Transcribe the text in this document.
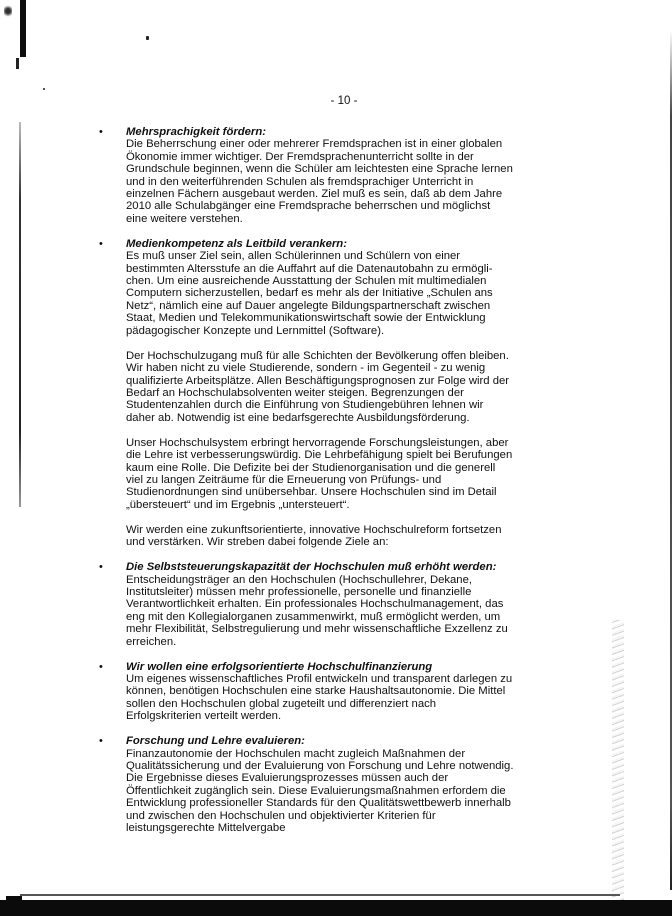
- 10 -
• Mehrsprachigkeit fördern:
Die Beherrschung einer oder mehrerer Fremdsprachen ist in einer globalen
Ökonomie immer wichtiger. Der Fremdsprachenunterricht sollte in der
Grundschule beginnen, wenn die Schüler am leichtesten eine Sprache lernen
und in den weiterführenden Schulen als fremdsprachiger Unterricht in
einzelnen Fächern ausgebaut werden. Ziel muß es sein, daß ab dem Jahre
2010 alle Schulabgänger eine Fremdsprache beherrschen und möglichst
eine weitere verstehen.
• Medienkompetenz als Leitbild verankern:
Es muß unser Ziel sein, allen Schülerinnen und Schülern von einer
bestimmten Altersstufe an die Auffahrt auf die Datenautobahn zu ermögli-
chen. Um eine ausreichende Ausstattung der Schulen mit multimedialen
Computern sicherzustellen, bedarf es mehr als der Initiative „Schulen ans
Netz“, nämlich eine auf Dauer angelegte Bildungspartnerschaft zwischen
Staat, Medien und Telekommunikationswirtschaft sowie der Entwicklung
pädagogischer Konzepte und Lernmittel (Software).
Der Hochschulzugang muß für alle Schichten der Bevölkerung offen bleiben.
Wir haben nicht zu viele Studierende, sondern - im Gegenteil - zu wenig
qualifizierte Arbeitsplätze. Allen Beschäftigungsprognosen zur Folge wird der
Bedarf an Hochschulabsolventen weiter steigen. Begrenzungen der
Studentenzahlen durch die Einführung von Studiengebühren lehnen wir
daher ab. Notwendig ist eine bedarfsgerechte Ausbildungsförderung.
Unser Hochschulsystem erbringt hervorragende Forschungsleistungen, aber
die Lehre ist verbesserungswürdig. Die Lehrbefähigung spielt bei Berufungen
kaum eine Rolle. Die Defizite bei der Studienorganisation und die generell
viel zu langen Zeiträume für die Erneuerung von Prüfungs- und
Studienordnungen sind unübersehbar. Unsere Hochschulen sind im Detail
„übersteuert“ und im Ergebnis „untersteuert“.
Wir werden eine zukunftsorientierte, innovative Hochschulreform fortsetzen
und verstärken. Wir streben dabei folgende Ziele an:
• Die Selbststeuerungskapazität der Hochschulen muß erhöht werden:
Entscheidungsträger an den Hochschulen (Hochschullehrer, Dekane,
Institutsleiter) müssen mehr professionelle, personelle und finanzielle
Verantwortlichkeit erhalten. Ein professionales Hochschulmanagement, das
eng mit den Kollegialorganen zusammenwirkt, muß ermöglicht werden, um
mehr Flexibilität, Selbstregulierung und mehr wissenschaftliche Exzellenz zu
erreichen.
• Wir wollen eine erfolgsorientierte Hochschulfinanzierung
Um eigenes wissenschaftliches Profil entwickeln und transparent darlegen zu
können, benötigen Hochschulen eine starke Haushaltsautonomie. Die Mittel
sollen den Hochschulen global zugeteilt und differenziert nach
Erfolgskriterien verteilt werden.
• Forschung und Lehre evaluieren:
Finanzautonomie der Hochschulen macht zugleich Maßnahmen der
Qualitätssicherung und der Evaluierung von Forschung und Lehre notwendig.
Die Ergebnisse dieses Evaluierungsprozesses müssen auch der
Öffentlichkeit zugänglich sein. Diese Evaluierungsmaßnahmen erfordem die
Entwicklung professioneller Standards für den Qualitätswettbewerb innerhalb
und zwischen den Hochschulen und objektivierter Kriterien für
leistungsgerechte Mittelvergabe
